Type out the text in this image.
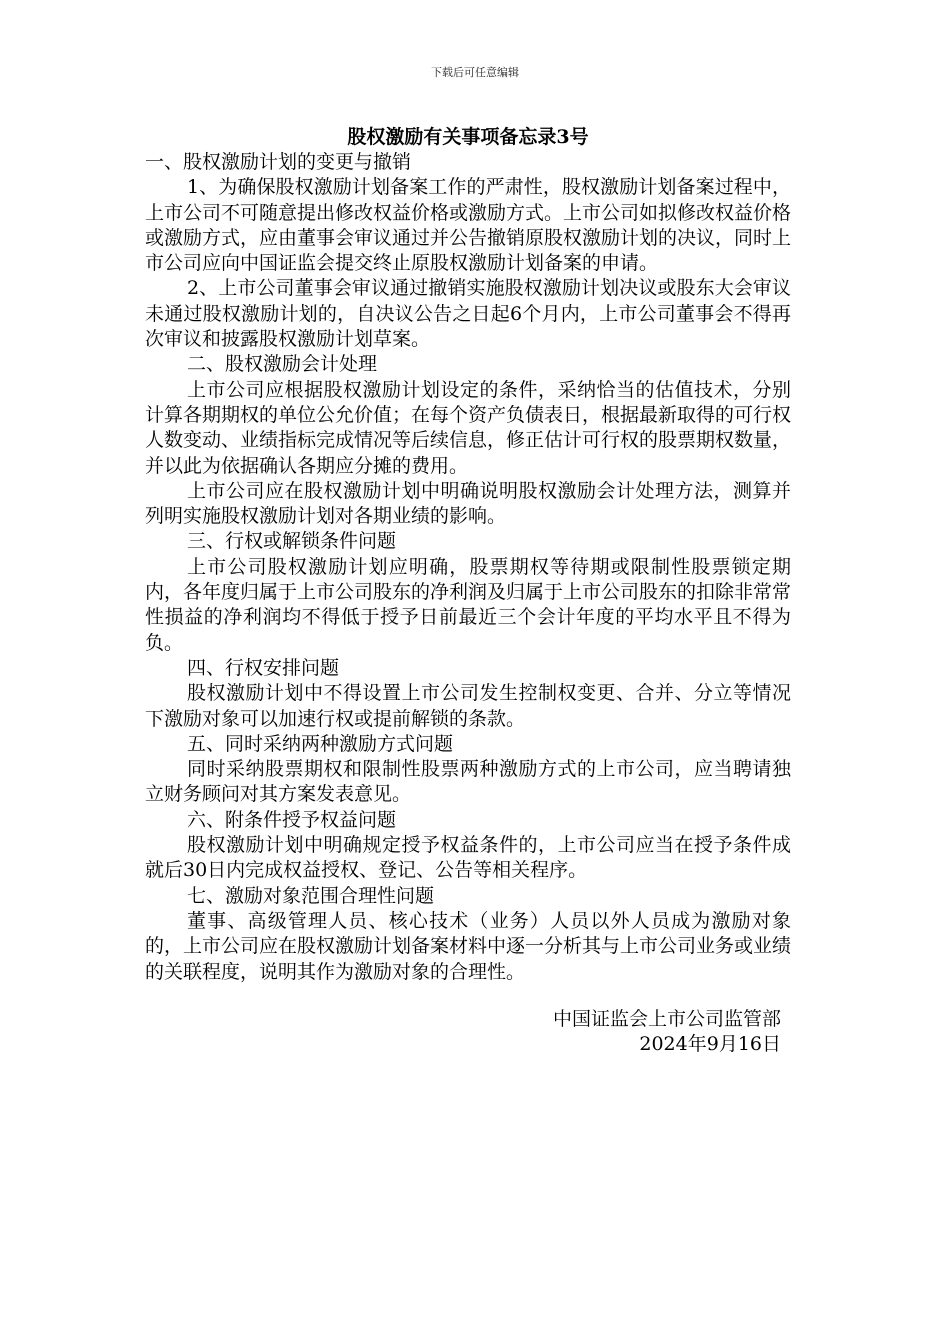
下载后可任意编辑
股权激励有关事项备忘录3号

一、股权激励计划的变更与撤销

1、为确保股权激励计划备案工作的严肃性，股权激励计划备案过程中，上市公司不可随意提出修改权益价格或激励方式。上市公司如拟修改权益价格或激励方式，应由董事会审议通过并公告撤销原股权激励计划的决议，同时上市公司应向中国证监会提交终止原股权激励计划备案的申请。

2、上市公司董事会审议通过撤销实施股权激励计划决议或股东大会审议未通过股权激励计划的，自决议公告之日起6个月内，上市公司董事会不得再次审议和披露股权激励计划草案。

二、股权激励会计处理

上市公司应根据股权激励计划设定的条件，采纳恰当的估值技术，分别计算各期期权的单位公允价值；在每个资产负债表日，根据最新取得的可行权人数变动、业绩指标完成情况等后续信息，修正估计可行权的股票期权数量，并以此为依据确认各期应分摊的费用。

上市公司应在股权激励计划中明确说明股权激励会计处理方法，测算并列明实施股权激励计划对各期业绩的影响。

三、行权或解锁条件问题

上市公司股权激励计划应明确，股票期权等待期或限制性股票锁定期内，各年度归属于上市公司股东的净利润及归属于上市公司股东的扣除非常常性损益的净利润均不得低于授予日前最近三个会计年度的平均水平且不得为负。

四、行权安排问题

股权激励计划中不得设置上市公司发生控制权变更、合并、分立等情况下激励对象可以加速行权或提前解锁的条款。

五、同时采纳两种激励方式问题

同时采纳股票期权和限制性股票两种激励方式的上市公司，应当聘请独立财务顾问对其方案发表意见。

六、附条件授予权益问题

股权激励计划中明确规定授予权益条件的，上市公司应当在授予条件成就后30日内完成权益授权、登记、公告等相关程序。

七、激励对象范围合理性问题

董事、高级管理人员、核心技术（业务）人员以外人员成为激励对象的，上市公司应在股权激励计划备案材料中逐一分析其与上市公司业务或业绩的关联程度，说明其作为激励对象的合理性。

中国证监会上市公司监管部
2024年9月16日
